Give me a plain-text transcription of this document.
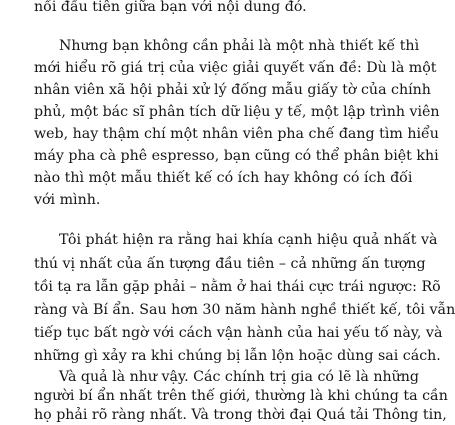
nối đầu tiên giữa bạn với nội dung đó.
Nhưng bạn không cần phải là một nhà thiết kế thì
mới hiểu rõ giá trị của việc giải quyết vấn đề: Dù là một
nhân viên xã hội phải xử lý đống mẫu giấy tờ của chính
phủ, một bác sĩ phân tích dữ liệu y tế, một lập trình viên
web, hay thậm chí một nhân viên pha chế đang tìm hiểu
máy pha cà phê espresso, bạn cũng có thể phân biệt khi
nào thì một mẫu thiết kế có ích hay không có ích đối
với mình.
Tôi phát hiện ra rằng hai khía cạnh hiệu quả nhất và
thú vị nhất của ấn tượng đầu tiên – cả những ấn tượng
tồi tạ ra lẫn gặp phải – nằm ở hai thái cực trái ngược: Rõ
ràng và Bí ẩn. Sau hơn 30 năm hành nghề thiết kế, tôi vẫn
tiếp tục bất ngờ với cách vận hành của hai yếu tố này, và
những gì xảy ra khi chúng bị lẫn lộn hoặc dùng sai cách.
Và quả là như vậy. Các chính trị gia có lẽ là những
người bí ẩn nhất trên thế giới, thường là khi chúng ta cần
họ phải rõ ràng nhất. Và trong thời đại Quá tải Thông tin,
